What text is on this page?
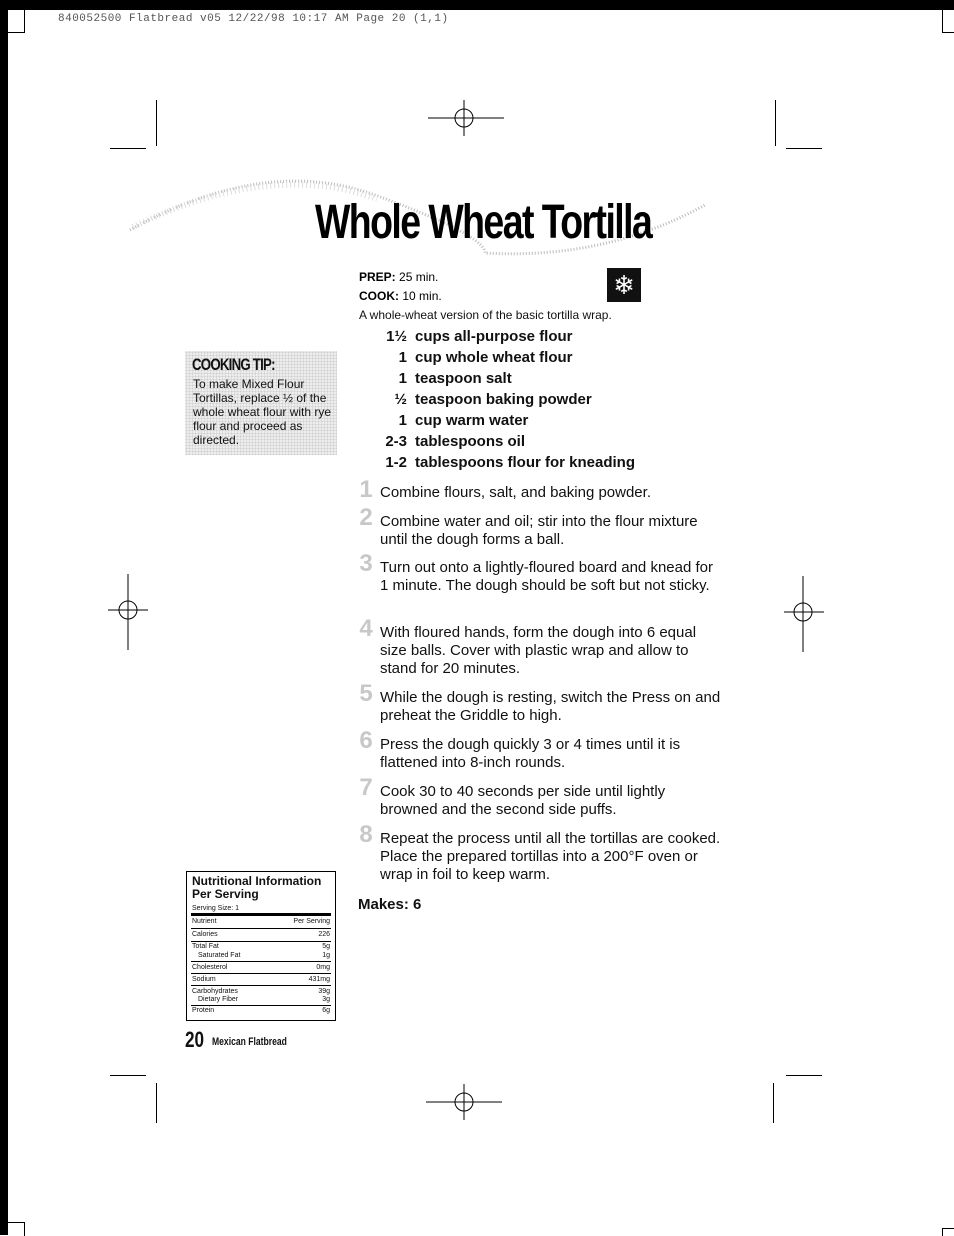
840052500 Flatbread v05 12/22/98 10:17 AM Page 20 (1,1)
Whole Wheat Tortilla
PREP: 25 min.
COOK: 10 min.	❄
A whole-wheat version of the basic tortilla wrap.
1½ cups all-purpose flour
1 cup whole wheat flour
1 teaspoon salt
½ teaspoon baking powder
1 cup warm water
2-3 tablespoons oil
1-2 tablespoons flour for kneading
1 Combine flours, salt, and baking powder.
2 Combine water and oil; stir into the flour mixture until the dough forms a ball.
3 Turn out onto a lightly-floured board and knead for 1 minute. The dough should be soft but not sticky.
4 With floured hands, form the dough into 6 equal size balls. Cover with plastic wrap and allow to stand for 20 minutes.
5 While the dough is resting, switch the Press on and preheat the Griddle to high.
6 Press the dough quickly 3 or 4 times until it is flattened into 8-inch rounds.
7 Cook 30 to 40 seconds per side until lightly browned and the second side puffs.
8 Repeat the process until all the tortillas are cooked. Place the prepared tortillas into a 200°F oven or wrap in foil to keep warm.
Makes: 6
COOKING TIP:
To make Mixed Flour Tortillas, replace ½ of the whole wheat flour with rye flour and proceed as directed.
Nutritional Information Per Serving
Serving Size: 1
Nutrient	Per Serving
Calories	226
Total Fat	5g
Saturated Fat	1g
Cholesterol	0mg
Sodium	431mg
Carbohydrates	39g
Dietary Fiber	3g
Protein	6g
20 Mexican Flatbread
